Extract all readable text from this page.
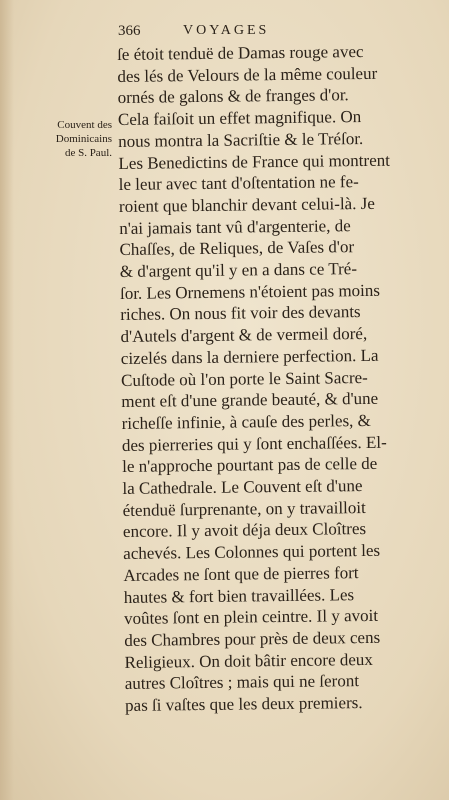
366	VOYAGES
Couvent des
Dominicains
de S. Paul.
ſe étoit tenduë de Damas rouge avec
des lés de Velours de la même couleur
ornés de galons & de franges d'or.
Cela faiſoit un effet magnifique. On
nous montra la Sacriſtie & le Tréſor.
Les Benedictins de France qui montrent
le leur avec tant d'oſtentation ne fe-
roient que blanchir devant celui-là. Je
n'ai jamais tant vû d'argenterie, de
Chaſſes, de Reliques, de Vaſes d'or
& d'argent qu'il y en a dans ce Tré-
ſor. Les Ornemens n'étoient pas moins
riches. On nous fit voir des devants
d'Autels d'argent & de vermeil doré,
cizelés dans la derniere perfection. La
Cuſtode où l'on porte le Saint Sacre-
ment eſt d'une grande beauté, & d'une
richeſſe infinie, à cauſe des perles, &
des pierreries qui y ſont enchaſſées. El-
le n'approche pourtant pas de celle de
la Cathedrale. Le Couvent eſt d'une
étenduë ſurprenante, on y travailloit
encore. Il y avoit déja deux Cloîtres
achevés. Les Colonnes qui portent les
Arcades ne ſont que de pierres fort
hautes & fort bien travaillées. Les
voûtes ſont en plein ceintre. Il y avoit
des Chambres pour près de deux cens
Religieux. On doit bâtir encore deux
autres Cloîtres ; mais qui ne ſeront
pas ſi vaſtes que les deux premiers.
